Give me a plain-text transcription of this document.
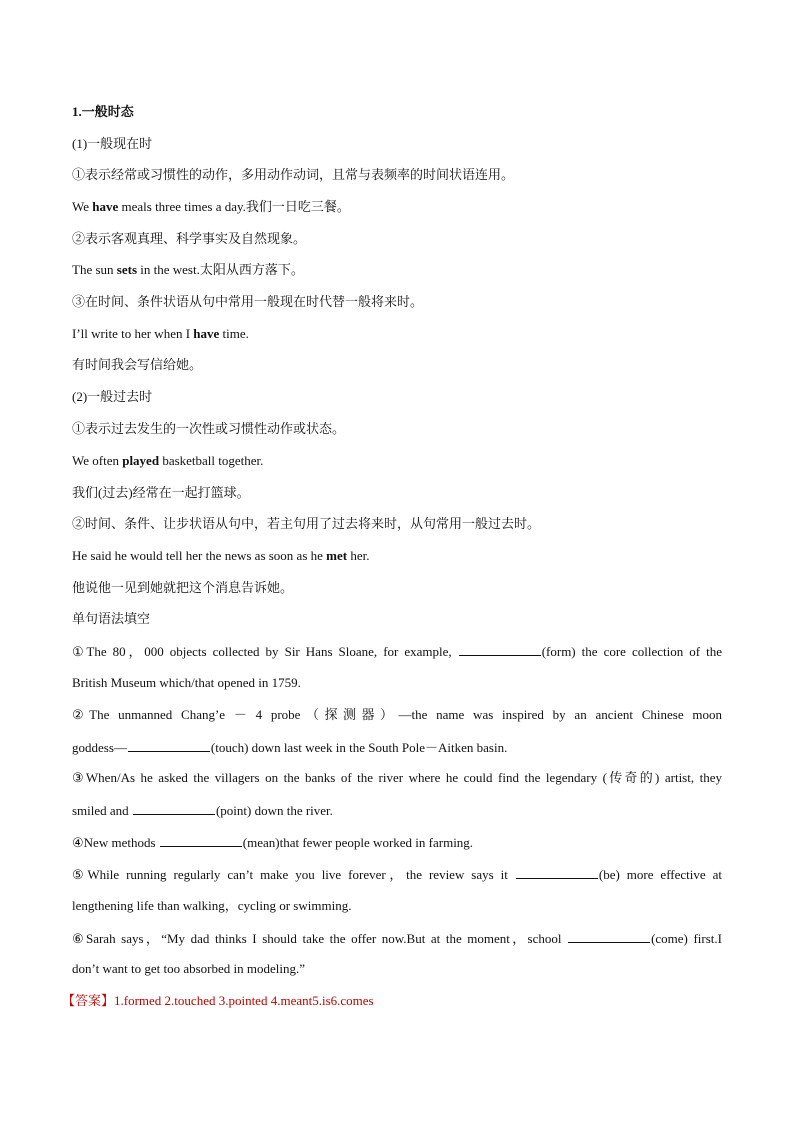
1.一般时态
(1)一般现在时
①表示经常或习惯性的动作，多用动作动词，且常与表频率的时间状语连用。
We have meals three times a day.我们一日吃三餐。
②表示客观真理、科学事实及自然现象。
The sun sets in the west.太阳从西方落下。
③在时间、条件状语从句中常用一般现在时代替一般将来时。
I’ll write to her when I have time.
有时间我会写信给她。
(2)一般过去时
①表示过去发生的一次性或习惯性动作或状态。
We often played basketball together.
我们(过去)经常在一起打篮球。
②时间、条件、让步状语从句中，若主句用了过去将来时，从句常用一般过去时。
He said he would tell her the news as soon as he met her.
他说他一见到她就把这个消息告诉她。
单句语法填空
①The 80，000 objects collected by Sir Hans Sloane, for example,	(form) the core collection of the
British Museum which/that opened in 1759.
②The unmanned Chang’e － 4 probe（探测器）—the name was inspired by an ancient Chinese moon
goddess—	(touch) down last week in the South Pole－Aitken basin.
③When/As he asked the villagers on the banks of the river where he could find the legendary (传奇的) artist, they
smiled and	(point) down the river.
④New methods	(mean)that fewer people worked in farming.
⑤While running regularly can’t make you live forever，the review says it	(be) more effective at
lengthening life than walking，cycling or swimming.
⑥Sarah says，“My dad thinks I should take the offer now.But at the moment，school	(come) first.I
don’t want to get too absorbed in modeling.”
【答案】1.formed 2.touched 3.pointed 4.meant5.is6.comes
